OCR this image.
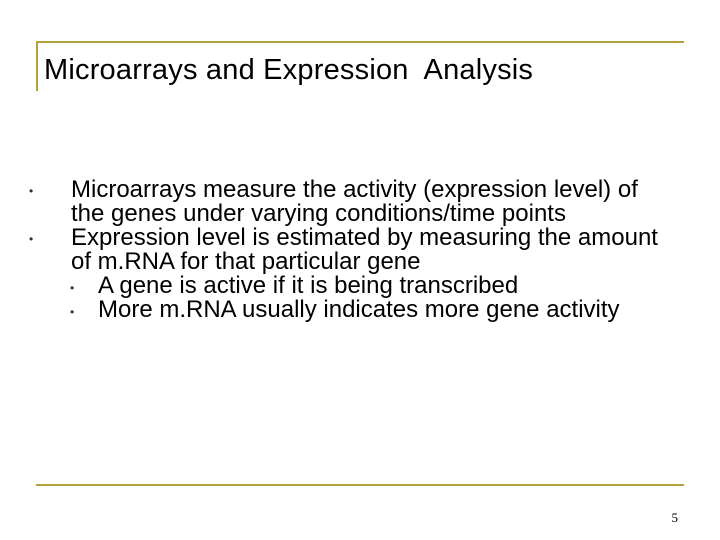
Microarrays and Expression  Analysis
• Microarrays measure the activity (expression level) of the genes under varying conditions/time points
• Expression level is estimated by measuring the amount of m.RNA for that particular gene
• A gene is active if it is being transcribed
• More m.RNA usually indicates more gene activity
5
